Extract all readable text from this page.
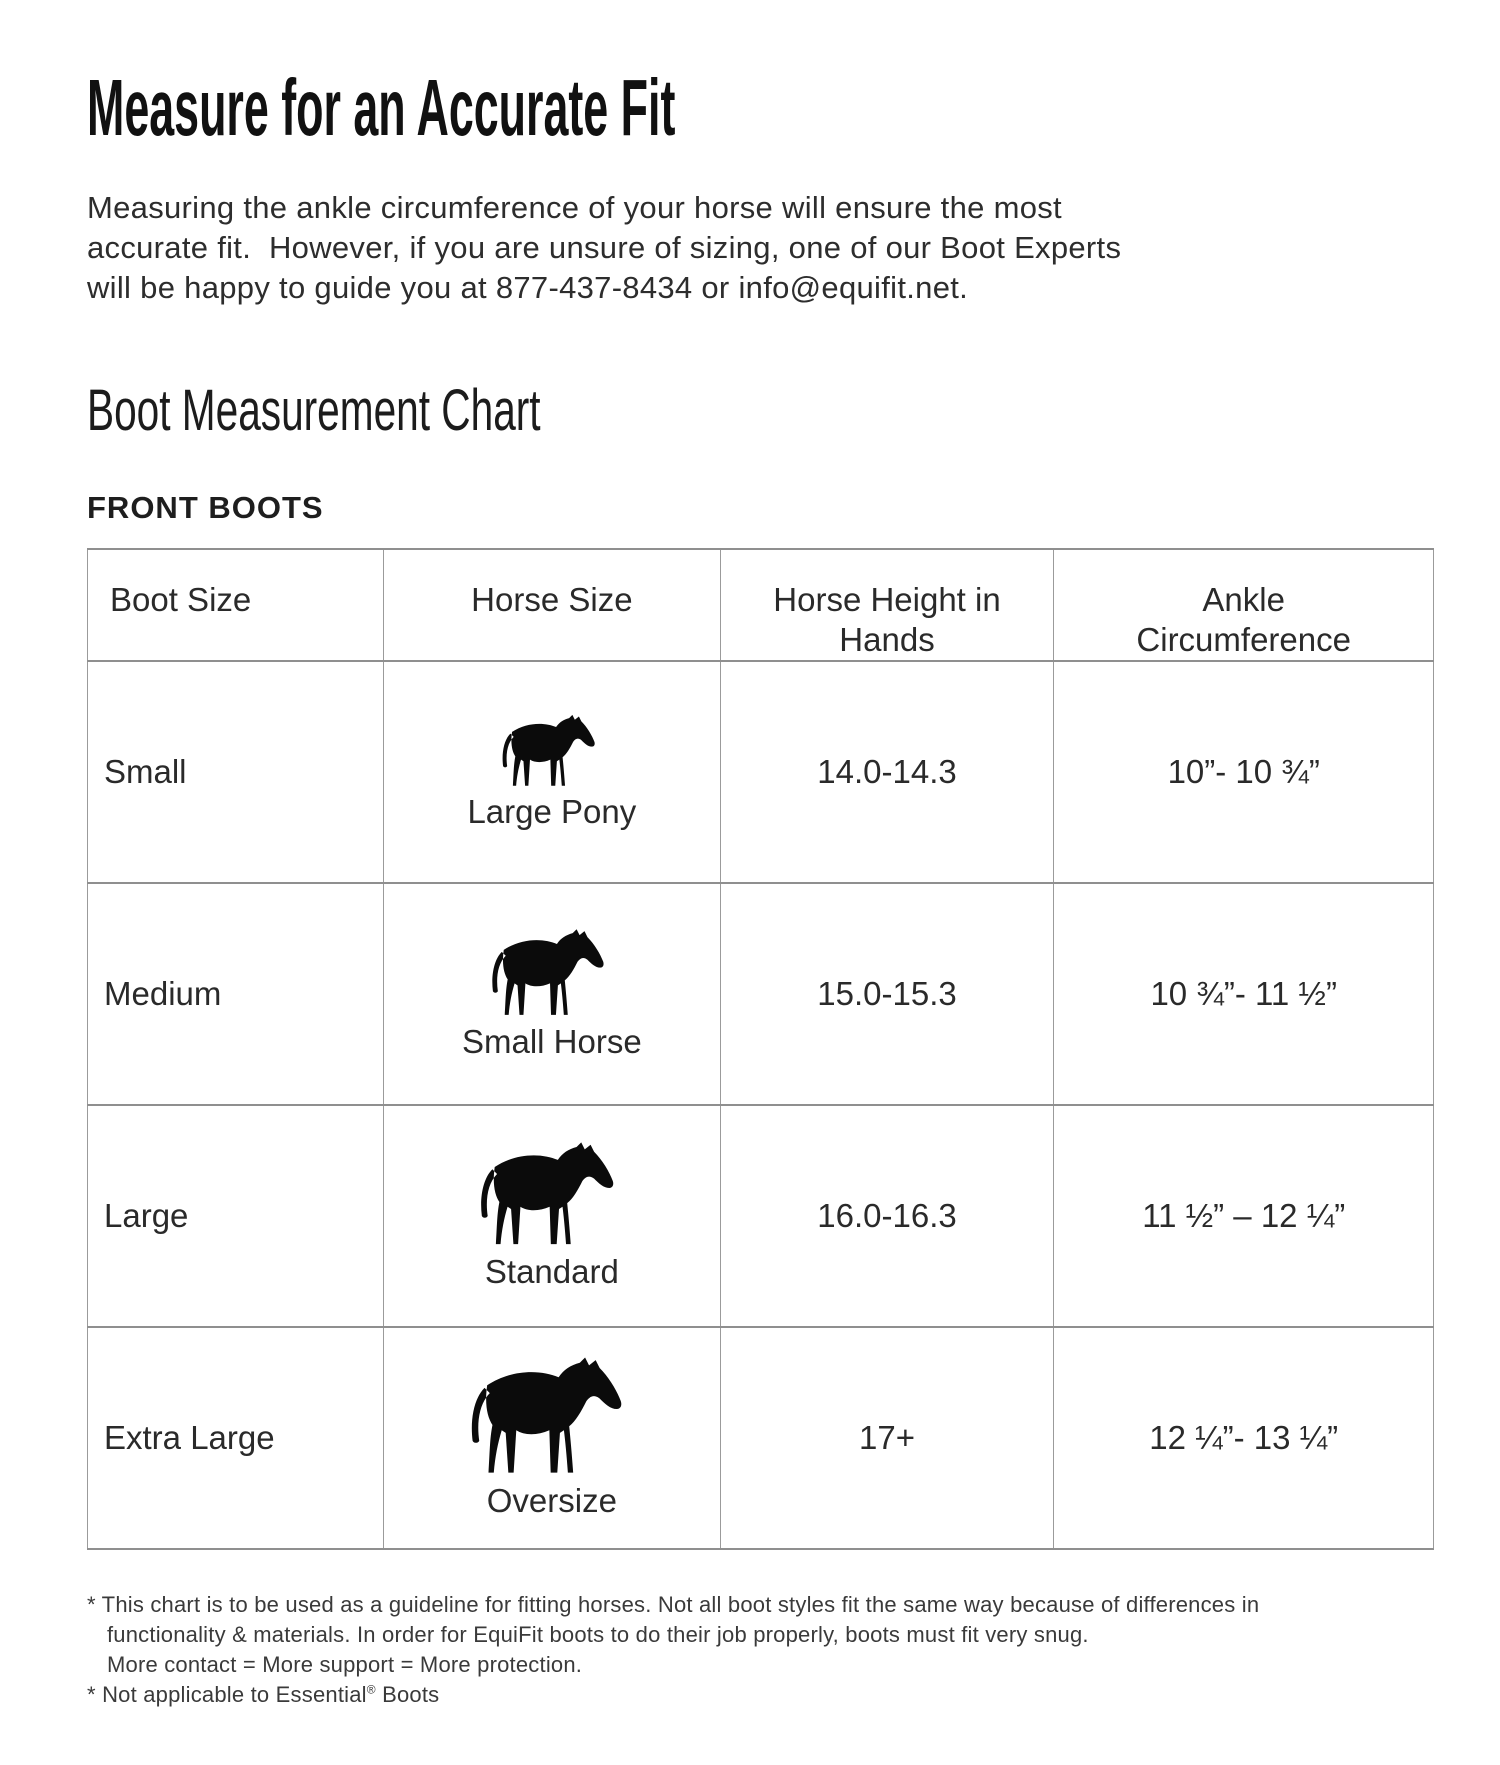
Measure for an Accurate Fit
Measuring the ankle circumference of your horse will ensure the most
accurate fit.  However, if you are unsure of sizing, one of our Boot Experts
will be happy to guide you at 877-437-8434 or info@equifit.net.
Boot Measurement Chart
FRONT BOOTS
Boot Size	Horse Size	Horse Height in Hands	Ankle Circumference

Small	Large Pony	14.0-14.3	10”- 10 ¾”
Medium	Small Horse	15.0-15.3	10 ¾”- 11 ½”
Large	Standard	16.0-16.3	11 ½” – 12 ¼”
Extra Large	Oversize	17+	12 ¼”- 13 ¼”
* This chart is to be used as a guideline for fitting horses. Not all boot styles fit the same way because of differences in
functionality & materials. In order for EquiFit boots to do their job properly, boots must fit very snug.
More contact = More support = More protection.
* Not applicable to Essential® Boots
